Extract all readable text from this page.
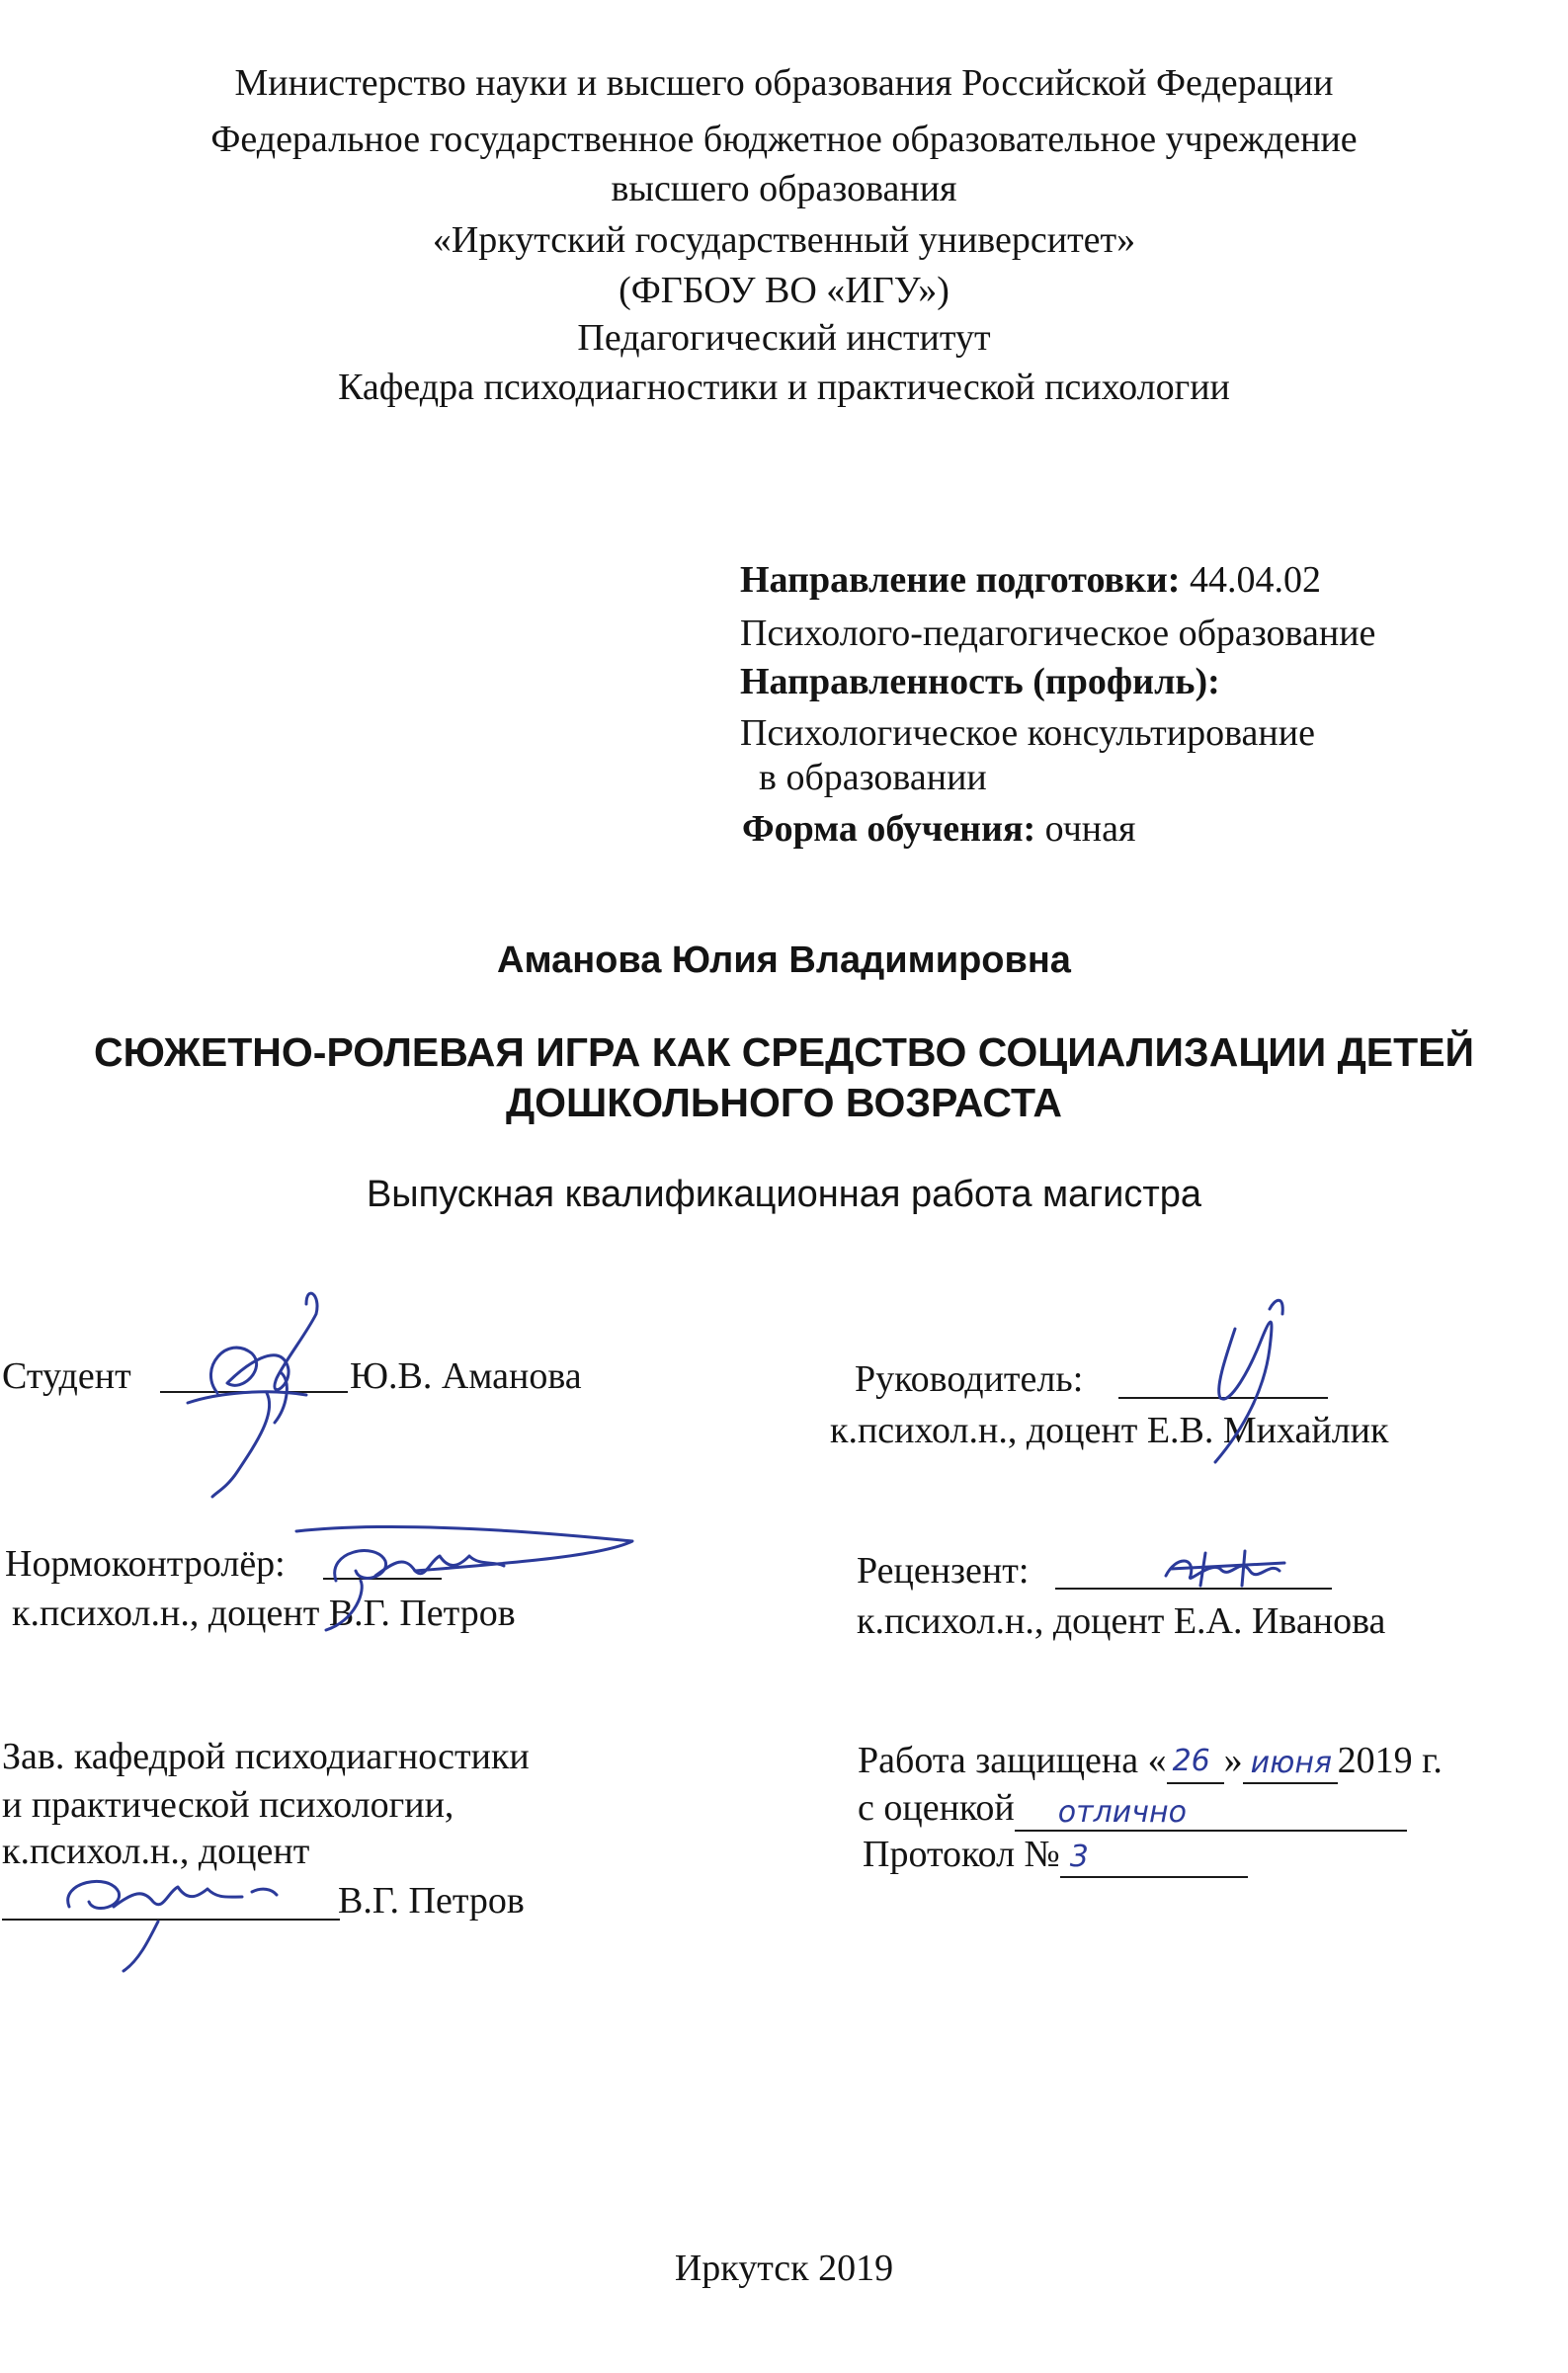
Министерство науки и высшего образования Российской Федерации
Федеральное государственное бюджетное образовательное учреждение
высшего образования
«Иркутский государственный университет»
(ФГБОУ ВО «ИГУ»)
Педагогический институт
Кафедра психодиагностики и практической психологии
Направление подготовки: 44.04.02
Психолого-педагогическое образование
Направленность (профиль):
Психологическое консультирование
в образовании
Форма обучения: очная
Аманова Юлия Владимировна
СЮЖЕТНО-РОЛЕВАЯ ИГРА КАК СРЕДСТВО СОЦИАЛИЗАЦИИ ДЕТЕЙ
ДОШКОЛЬНОГО ВОЗРАСТА
Выпускная квалификационная работа магистра
Студент	Ю.В. Аманова	Руководитель:
к.психол.н., доцент Е.В. Михайлик
Нормоконтролёр:
к.психол.н., доцент В.Г. Петров
Рецензент:
к.психол.н., доцент Е.А. Иванова
Зав. кафедрой психодиагностики
и практической психологии,
к.психол.н., доцент
В.Г. Петров
Работа защищена « 26 » июня 2019 г.
с оценкой отлично
Протокол № 3
Иркутск 2019
